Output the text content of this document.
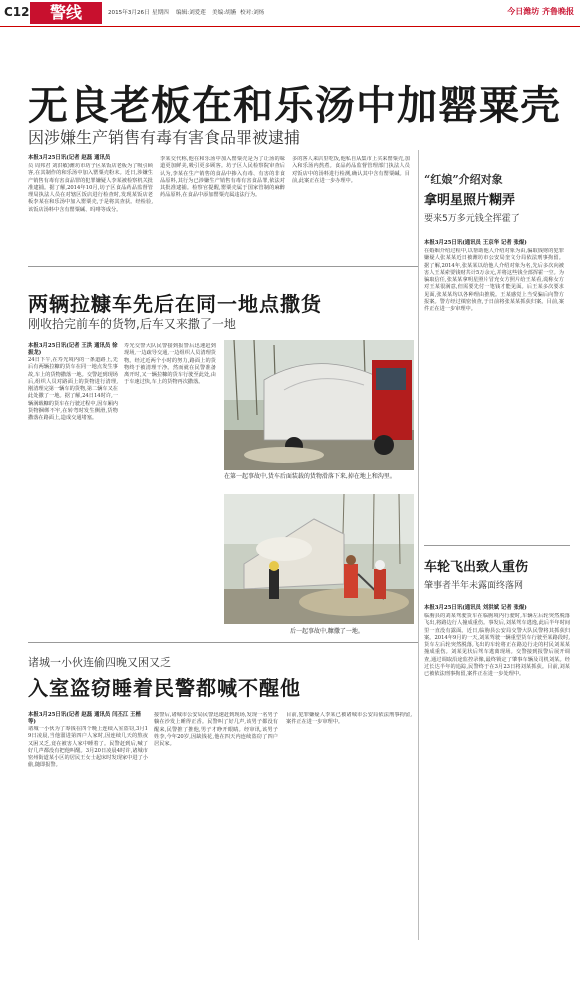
C12	警线	2015年3月26日 星期四 编辑:刘爱莲 美编:胡嬿 校对:刘炀	今日潍坊 齐鲁晚报
无良老板在和乐汤中加罂粟壳
因涉嫌生产销售有毒有害食品罪被逮捕
本报3月25日讯(记者 赵磊 通讯员
员 周邦君 刘洪敏)潍坊市坊子区某饭店老板为了吸引顾客,在其制作的和乐汤中加入罂粟壳粉末。近日,涉嫌生产销售有毒有害食品罪的犯罪嫌疑人李某被检察机关批准逮捕。据了解,2014年10月,坊子区食品药品监督管理局执法人员在对辖区饭店进行检查时,发现某饭店老板李某在和乐汤中加入罂粟壳,于是将其查获。经检验,该饭店汤料中含有罂粟碱、吗啡等成分。
李某交代称,他在和乐汤中加入罂粟壳是为了让汤的味道更加鲜美,吸引更多顾客。坊子区人民检察院审查后认为,李某在生产销售的食品中掺入有毒、有害的非食品原料,其行为已涉嫌生产销售有毒有害食品罪,依法对其批准逮捕。检察官提醒,罂粟壳属于国家管制的麻醉药品原料,在食品中添加罂粟壳属违法行为。
多的客人来店里吃饭,他私自从集市上买来罂粟壳,加入和乐汤内熬煮。食品药品监督管理部门执法人员对饭店中的汤料进行检测,确认其中含有罂粟碱。目前,此案正在进一步办理中。	“红娘”介绍对象
拿明星照片糊弄
要来5万多元钱全挥霍了
本报3月25日讯(通讯员 王京华 记者 张焜)
在婚姻介绍过程中,以帮助他人介绍对象为由,骗取钱财的犯罪嫌疑人张某某近日被潍坊市公安局奎文分局依法刑事拘留。据了解,2014年,张某某以给他人介绍对象为名,先后多次向被害人王某索要钱财共计5万余元,并将这些钱全部挥霍一空。为骗取信任,张某某拿明星照片冒充女方照片给王某看,谎称女方对王某很满意,但需要先付一笔钱才能见面。后王某多次要求见面,张某某均以各种理由推脱。王某感觉上当受骗后向警方报案。警方经过缜密侦查,于日前将张某某抓获归案。目前,案件正在进一步审理中。
两辆拉糠车先后在同一地点撒货
刚收拾完前车的货物,后车又来撒了一地
本报3月25日讯(记者 王洪 通讯员 徐振龙)
24日下午,在寿光境内的一条道路上,先后有两辆拉糠的货车在同一地点发生事故,车上的货物撒落一地。交警赶到现场后,组织人员对路面上的货物进行清理,刚清理完第一辆车的货物,第二辆车又在此处撒了一地。据了解,24日14时许,一辆满载糠的货车在行驶过程中,因车厢内货物捆绑不牢,在转弯时发生侧滑,货物撒落在路面上,造成交通堵塞。
寿光交警大队民警接到报警后迅速赶到现场,一边疏导交通,一边组织人员清理货物。经过近两个小时的努力,路面上的货物终于被清理干净。然而就在民警准备离开时,又一辆拉糠的货车行驶至此处,由于车速过快,车上的货物再次撒落。
在第一起事故中,货车后面装载的货物滑落下来,掉在地上和沟里。
后一起事故中,糠撒了一地。
诸城一小伙连偷四晚又困又乏
入室盗窃睡着民警都喊不醒他
本报3月25日讯(记者 赵磊 通讯员 闫丕江 王楷等)
诸城一小伙为了筹钱在四个晚上连续入室盗窃,3月19日凌晨,当他溜进第四户人家时,因连续几天的熬夜又困又乏,竟在被害人家中睡着了。民警赶到后,喊了好几声都没有把他叫醒。3月20日凌晨4时许,诸城市密州街道某小区的居民王女士起床时发现家中进了小偷,随即报警。
接警后,诸城市公安局民警迅速赶到现场,发现一名男子躺在沙发上睡得正香。民警叫了好几声,该男子都没有醒来,民警推了推他,男子才睁开眼睛。经审讯,该男子姓李,今年20岁,因缺钱花,他在四天内连续盗窃了四户居民家。
目前,犯罪嫌疑人李某已被诸城市公安局依法刑事拘留,案件正在进一步审理中。
车轮飞出致人重伤
肇事者半年未露面终落网
本报3月25日讯(通讯员 刘洪斌 记者 张焜)
临朐县的刘某驾驶货车在临朐境内行驶时,车辆左后轮突然脱落飞出,将路边行人撞成重伤。事发后,刘某驾车逃逸,此后半年时间里一直没有露面。近日,临朐县公安局交警大队民警将其抓获归案。2014年9月的一天,刘某驾驶一辆重型货车行驶至某路段时,货车左后轮突然脱落,飞出的车轮将正在路边行走的村民刘某某撞成重伤。刘某见状后驾车逃离现场。交警接到报警后展开调查,通过调取沿途监控录像,最终锁定了肇事车辆及司机刘某。经过长达半年的追踪,民警终于在3月23日将刘某抓获。目前,刘某已被依法刑事拘留,案件正在进一步处理中。
